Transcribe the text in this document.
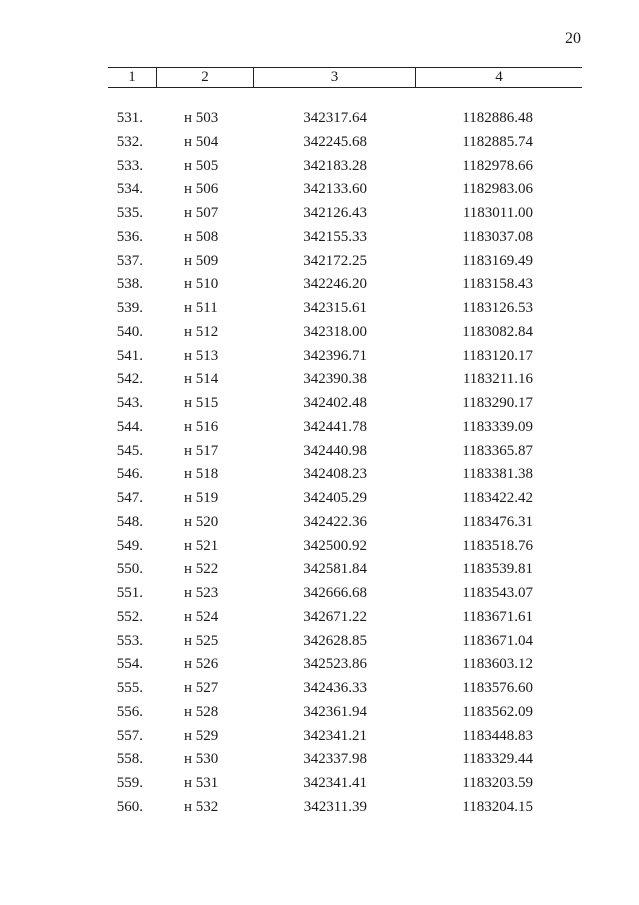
20
1	2	3	4
531.	н 503	342317.64	1182886.48
532.	н 504	342245.68	1182885.74
533.	н 505	342183.28	1182978.66
534.	н 506	342133.60	1182983.06
535.	н 507	342126.43	1183011.00
536.	н 508	342155.33	1183037.08
537.	н 509	342172.25	1183169.49
538.	н 510	342246.20	1183158.43
539.	н 511	342315.61	1183126.53
540.	н 512	342318.00	1183082.84
541.	н 513	342396.71	1183120.17
542.	н 514	342390.38	1183211.16
543.	н 515	342402.48	1183290.17
544.	н 516	342441.78	1183339.09
545.	н 517	342440.98	1183365.87
546.	н 518	342408.23	1183381.38
547.	н 519	342405.29	1183422.42
548.	н 520	342422.36	1183476.31
549.	н 521	342500.92	1183518.76
550.	н 522	342581.84	1183539.81
551.	н 523	342666.68	1183543.07
552.	н 524	342671.22	1183671.61
553.	н 525	342628.85	1183671.04
554.	н 526	342523.86	1183603.12
555.	н 527	342436.33	1183576.60
556.	н 528	342361.94	1183562.09
557.	н 529	342341.21	1183448.83
558.	н 530	342337.98	1183329.44
559.	н 531	342341.41	1183203.59
560.	н 532	342311.39	1183204.15
